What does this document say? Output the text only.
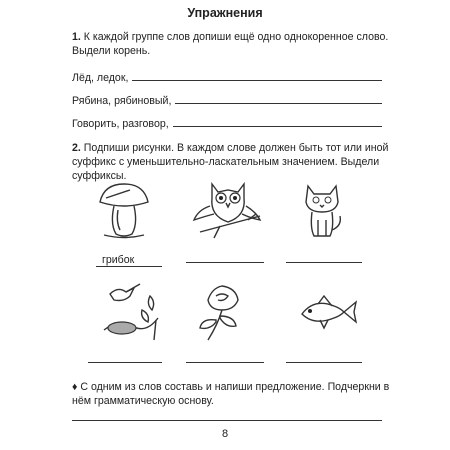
Упражнения
1. К каждой группе слов допиши ещё одно однокоренное слово. Выдели корень.
Лёд, ледок,
Рябина, рябиновый,
Говорить, разговор,
2. Подпиши рисунки. В каждом слове должен быть тот или иной суффикс с уменьшительно-ласкательным значением. Выдели суффиксы.
грибок
♦ С одним из слов составь и напиши предложение. Подчеркни в нём грамматическую основу.
8
